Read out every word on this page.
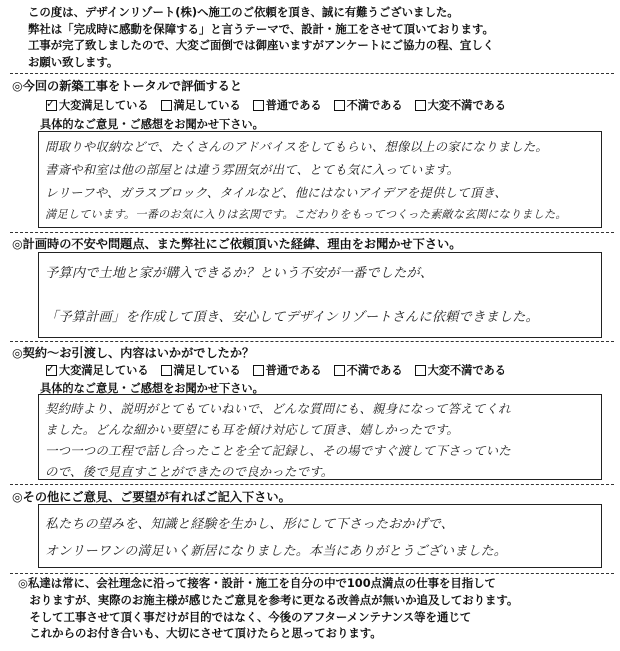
この度は、デザインリゾート(株)へ施工のご依頼を頂き、誠に有難うございました。
弊社は「完成時に感動を保障する」と言うテーマで、設計・施工をさせて頂いております。
工事が完了致しましたので、大変ご面倒では御座いますがアンケートにご協力の程、宜しく
お願い致します。
◎今回の新築工事をトータルで評価すると
✓
大変満足している 満足している 普通である 不満である 大変不満である
具体的なご意見・ご感想をお聞かせ下さい。
間取りや収納などで、たくさんのアドバイスをしてもらい、想像以上の家になりました。
書斎や和室は他の部屋とは違う雰囲気が出て、とても気に入っています。
レリーフや、ガラスブロック、タイルなど、他にはないアイデアを提供して頂き、
満足しています。一番のお気に入りは玄関です。こだわりをもってつくった素敵な玄関になりました。
◎計画時の不安や問題点、また弊社にご依頼頂いた経緯、理由をお聞かせ下さい。
予算内で土地と家が購入できるか？という不安が一番でしたが、
「予算計画」を作成して頂き、安心してデザインリゾートさんに依頼できました。
◎契約～お引渡し、内容はいかがでしたか？
✓
大変満足している 満足している 普通である 不満である 大変不満である
具体的なご意見・ご感想をお聞かせ下さい。
契約時より、説明がとてもていねいで、どんな質問にも、親身になって答えてくれ
ました。どんな細かい要望にも耳を傾け対応して頂き、嬉しかったです。
一つ一つの工程で話し合ったことを全て記録し、その場ですぐ渡して下さっていた
ので、後で見直すことができたので良かったです。
◎その他にご意見、ご要望が有ればご記入下さい。
私たちの望みを、知識と経験を生かし、形にして下さったおかげで、
オンリーワンの満足いく新居になりました。本当にありがとうございました。
◎私達は常に、会社理念に沿って接客・設計・施工を自分の中で100点満点の仕事を目指して
　おりますが、実際のお施主様が感じたご意見を参考に更なる改善点が無いか追及しております。
　そして工事させて頂く事だけが目的ではなく、今後のアフターメンテナンス等を通じて
　これからのお付き合いも、大切にさせて頂けたらと思っております。
